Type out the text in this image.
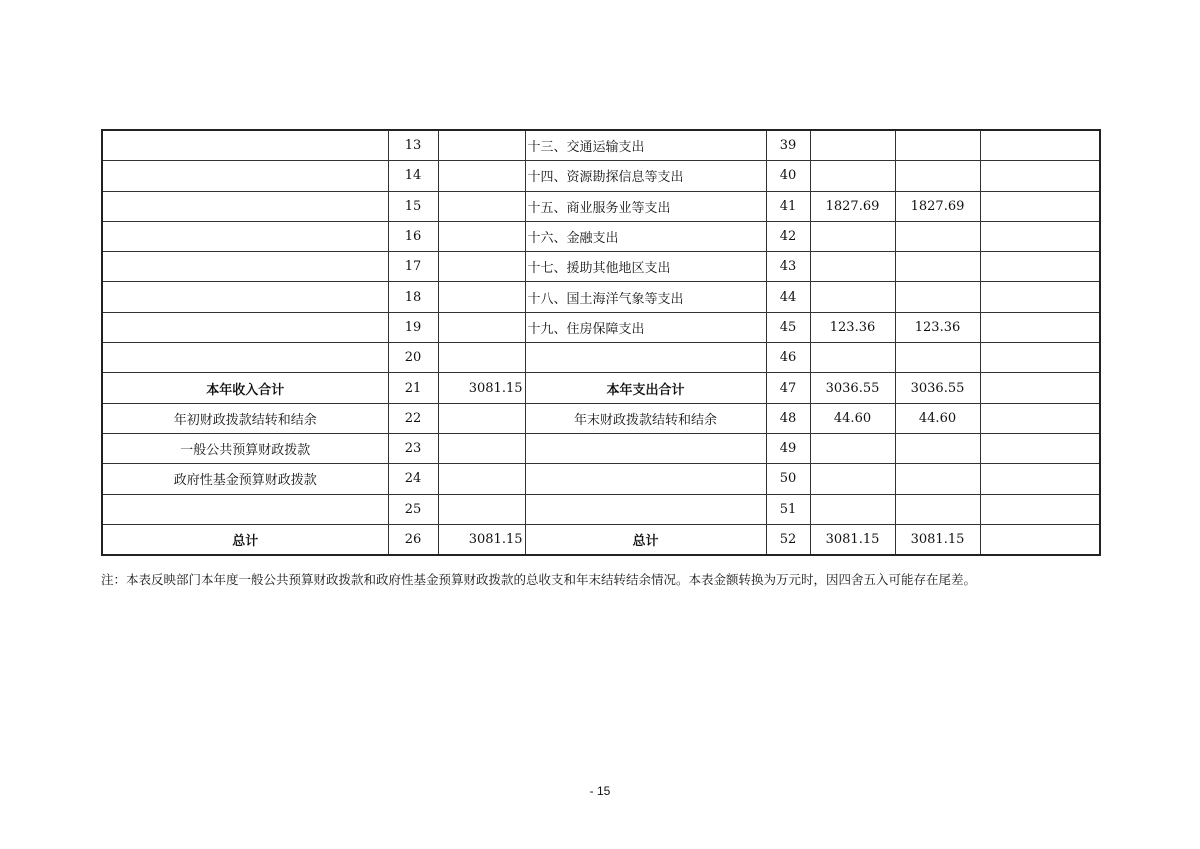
	13		十三、交通运输支出	39			
	14		十四、资源勘探信息等支出	40			
	15		十五、商业服务业等支出	41	1827.69	1827.69	
	16		十六、金融支出	42			
	17		十七、援助其他地区支出	43			
	18		十八、国土海洋气象等支出	44			
	19		十九、住房保障支出	45	123.36	123.36	
	20			46			
本年收入合计	21	3081.15	本年支出合计	47	3036.55	3036.55	
年初财政拨款结转和结余	22		年末财政拨款结转和结余	48	44.60	44.60	
一般公共预算财政拨款	23			49			
政府性基金预算财政拨款	24			50			
	25			51			
总计	26	3081.15	总计	52	3081.15	3081.15	
注：本表反映部门本年度一般公共预算财政拨款和政府性基金预算财政拨款的总收支和年末结转结余情况。本表金额转换为万元时，因四舍五入可能存在尾差。
- 15
